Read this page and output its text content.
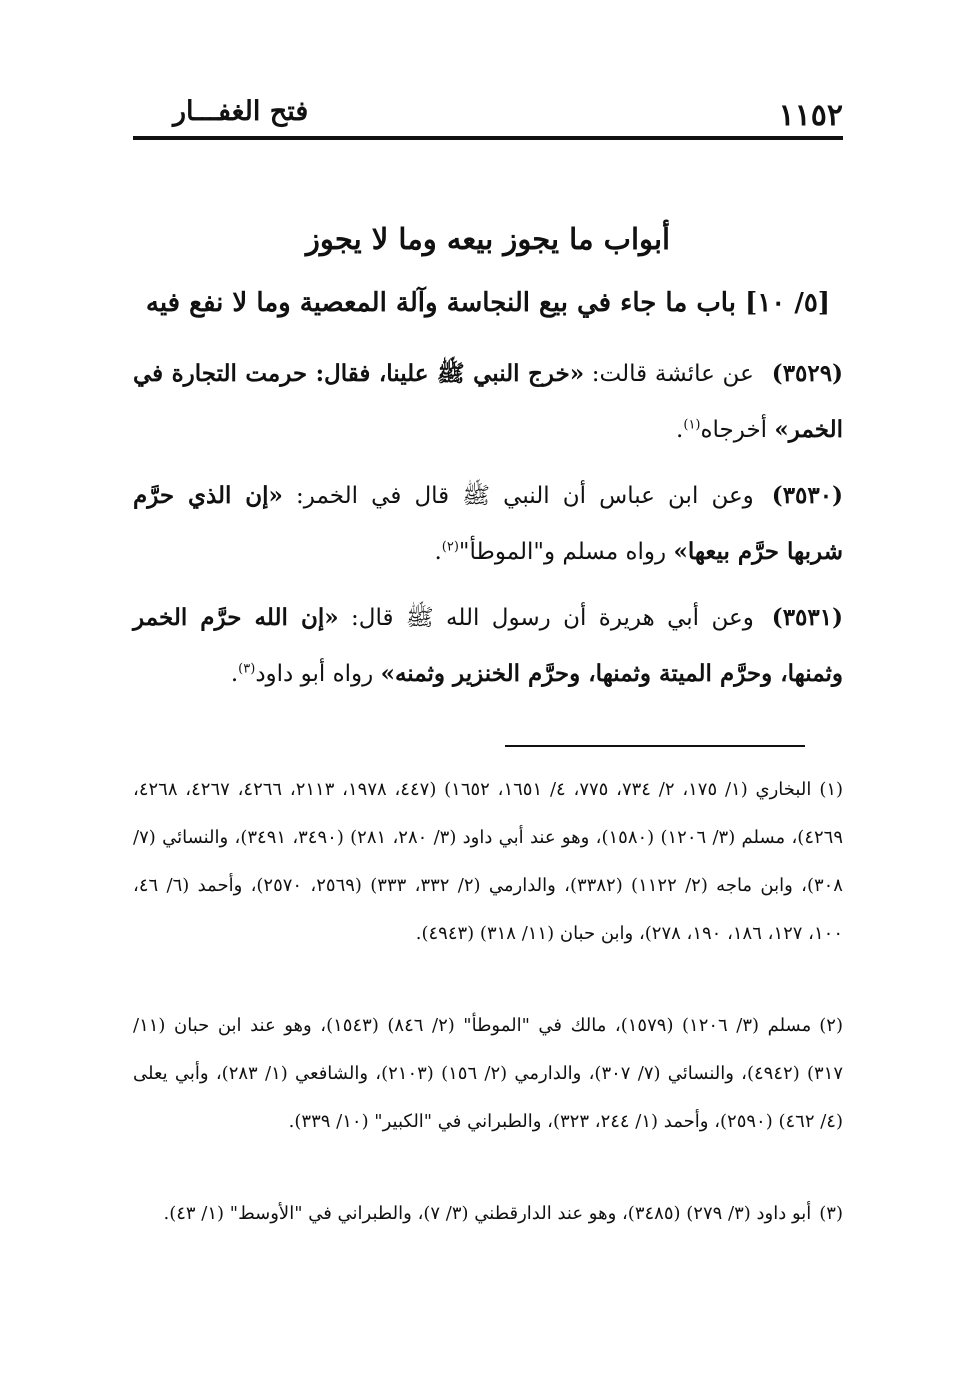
١١٥٢
فتح الغفـــار
أبواب ما يجوز بيعه وما لا يجوز
[٥/ ١٠] باب ما جاء في بيع النجاسة وآلة المعصية وما لا نفع فيه
(٣٥٢٩)عن عائشة قالت: «خرج النبي ﷺ علينا، فقال: حرمت التجارة في الخمر» أخرجاه$^{(١)}$.
(٣٥٣٠)وعن ابن عباس أن النبي ﷺ قال في الخمر: «إن الذي حرَّم شربها حرَّم بيعها» رواه مسلم و"الموطأ"$^{(٢)}$.
(٣٥٣١)وعن أبي هريرة أن رسول الله ﷺ قال: «إن الله حرَّم الخمر وثمنها، وحرَّم الميتة وثمنها، وحرَّم الخنزير وثمنه» رواه أبو داود$^{(٣)}$.
(١)البخاري (١/ ١٧٥، ٢/ ٧٣٤، ٧٧٥، ٤/ ١٦٥١، ١٦٥٢) (٤٤٧، ١٩٧٨، ٢١١٣، ٤٢٦٦، ٤٢٦٧، ٤٢٦٨، ٤٢٦٩)، مسلم (٣/ ١٢٠٦) (١٥٨٠)، وهو عند أبي داود (٣/ ٢٨٠، ٢٨١) (٣٤٩٠، ٣٤٩١)، والنسائي (٧/ ٣٠٨)، وابن ماجه (٢/ ١١٢٢) (٣٣٨٢)، والدارمي (٢/ ٣٣٢، ٣٣٣) (٢٥٦٩، ٢٥٧٠)، وأحمد (٦/ ٤٦، ١٠٠، ١٢٧، ١٨٦، ١٩٠، ٢٧٨)، وابن حبان (١١/ ٣١٨) (٤٩٤٣).
(٢)مسلم (٣/ ١٢٠٦) (١٥٧٩)، مالك في "الموطأ" (٢/ ٨٤٦) (١٥٤٣)، وهو عند ابن حبان (١١/ ٣١٧) (٤٩٤٢)، والنسائي (٧/ ٣٠٧)، والدارمي (٢/ ١٥٦) (٢١٠٣)، والشافعي (١/ ٢٨٣)، وأبي يعلى (٤/ ٤٦٢) (٢٥٩٠)، وأحمد (١/ ٢٤٤، ٣٢٣)، والطبراني في "الكبير" (١٠/ ٣٣٩).
(٣)أبو داود (٣/ ٢٧٩) (٣٤٨٥)، وهو عند الدارقطني (٣/ ٧)، والطبراني في "الأوسط" (١/ ٤٣).
